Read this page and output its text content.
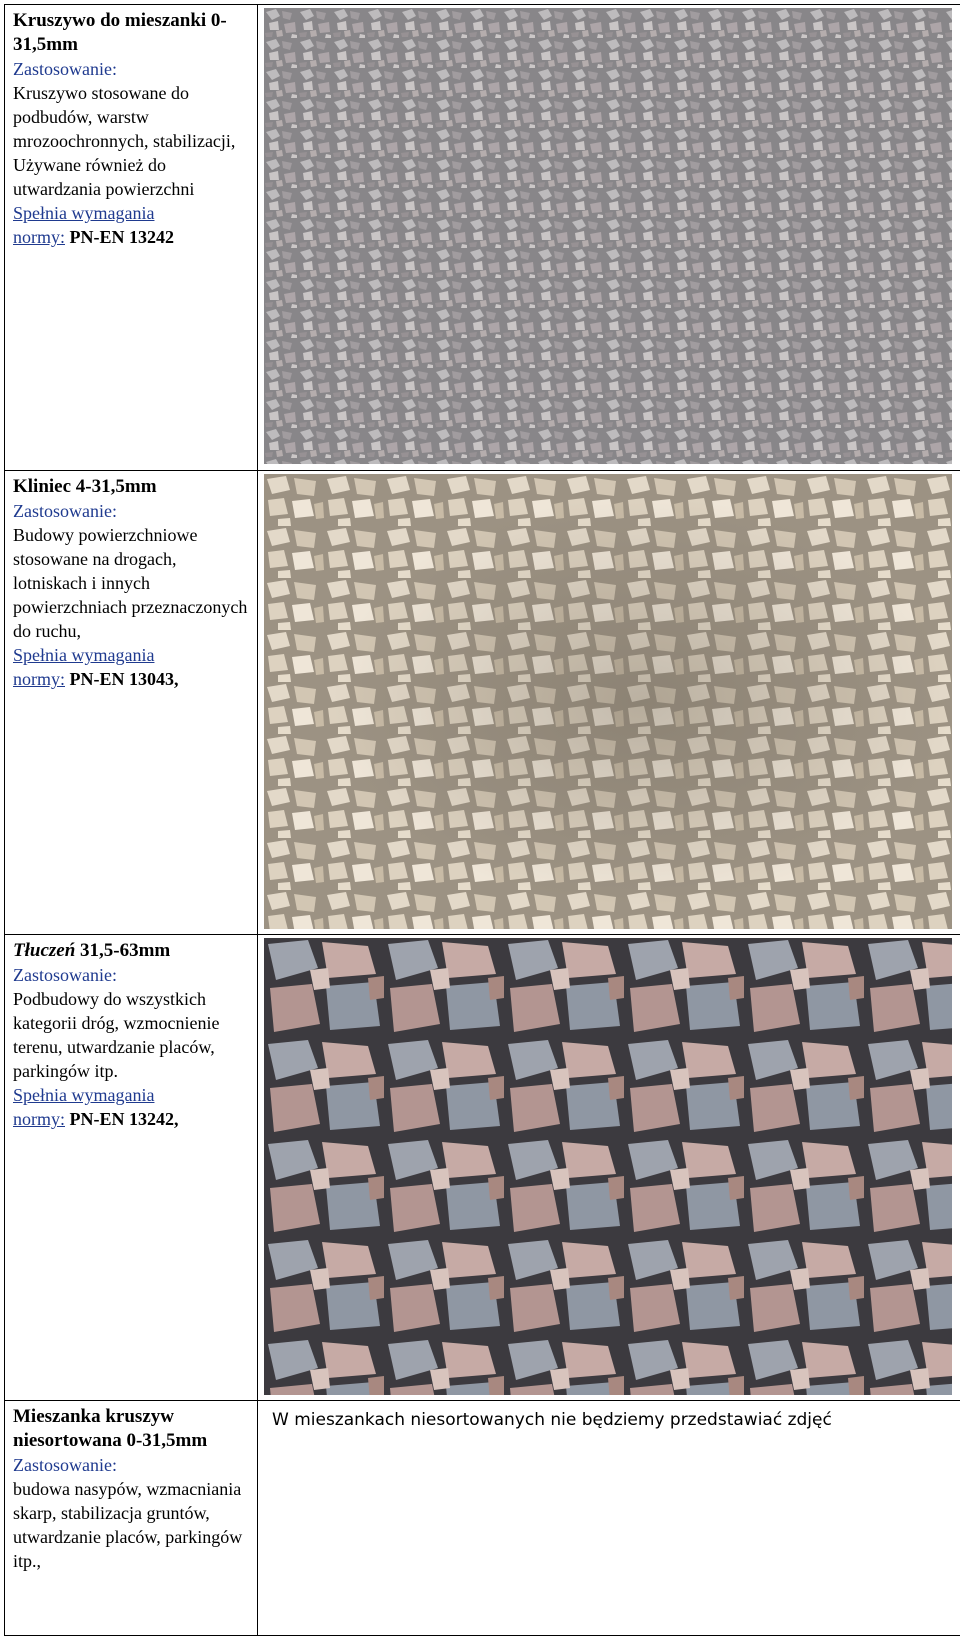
Kruszywo do mieszanki 0-31,5mm
Zastosowanie:
Kruszywo stosowane do podbudów, warstw mrozoochronnych, stabilizacji, Używane również do utwardzania powierzchni
Spełnia wymagania
normy: PN-EN 13242

Kliniec 4-31,5mm
Zastosowanie:
Budowy powierzchniowe stosowane na drogach, lotniskach i innych powierzchniach przeznaczonych do ruchu,
Spełnia wymagania
normy: PN-EN 13043,

Tłuczeń 31,5-63mm
Zastosowanie:
Podbudowy do wszystkich kategorii dróg, wzmocnienie terenu, utwardzanie placów, parkingów itp.
Spełnia wymagania
normy: PN-EN 13242,

Mieszanka kruszyw niesortowana 0-31,5mm
Zastosowanie:
budowa nasypów, wzmacniania skarp, stabilizacja gruntów, utwardzanie placów, parkingów itp.,	W mieszankach niesortowanych nie będziemy przedstawiać zdjęć
